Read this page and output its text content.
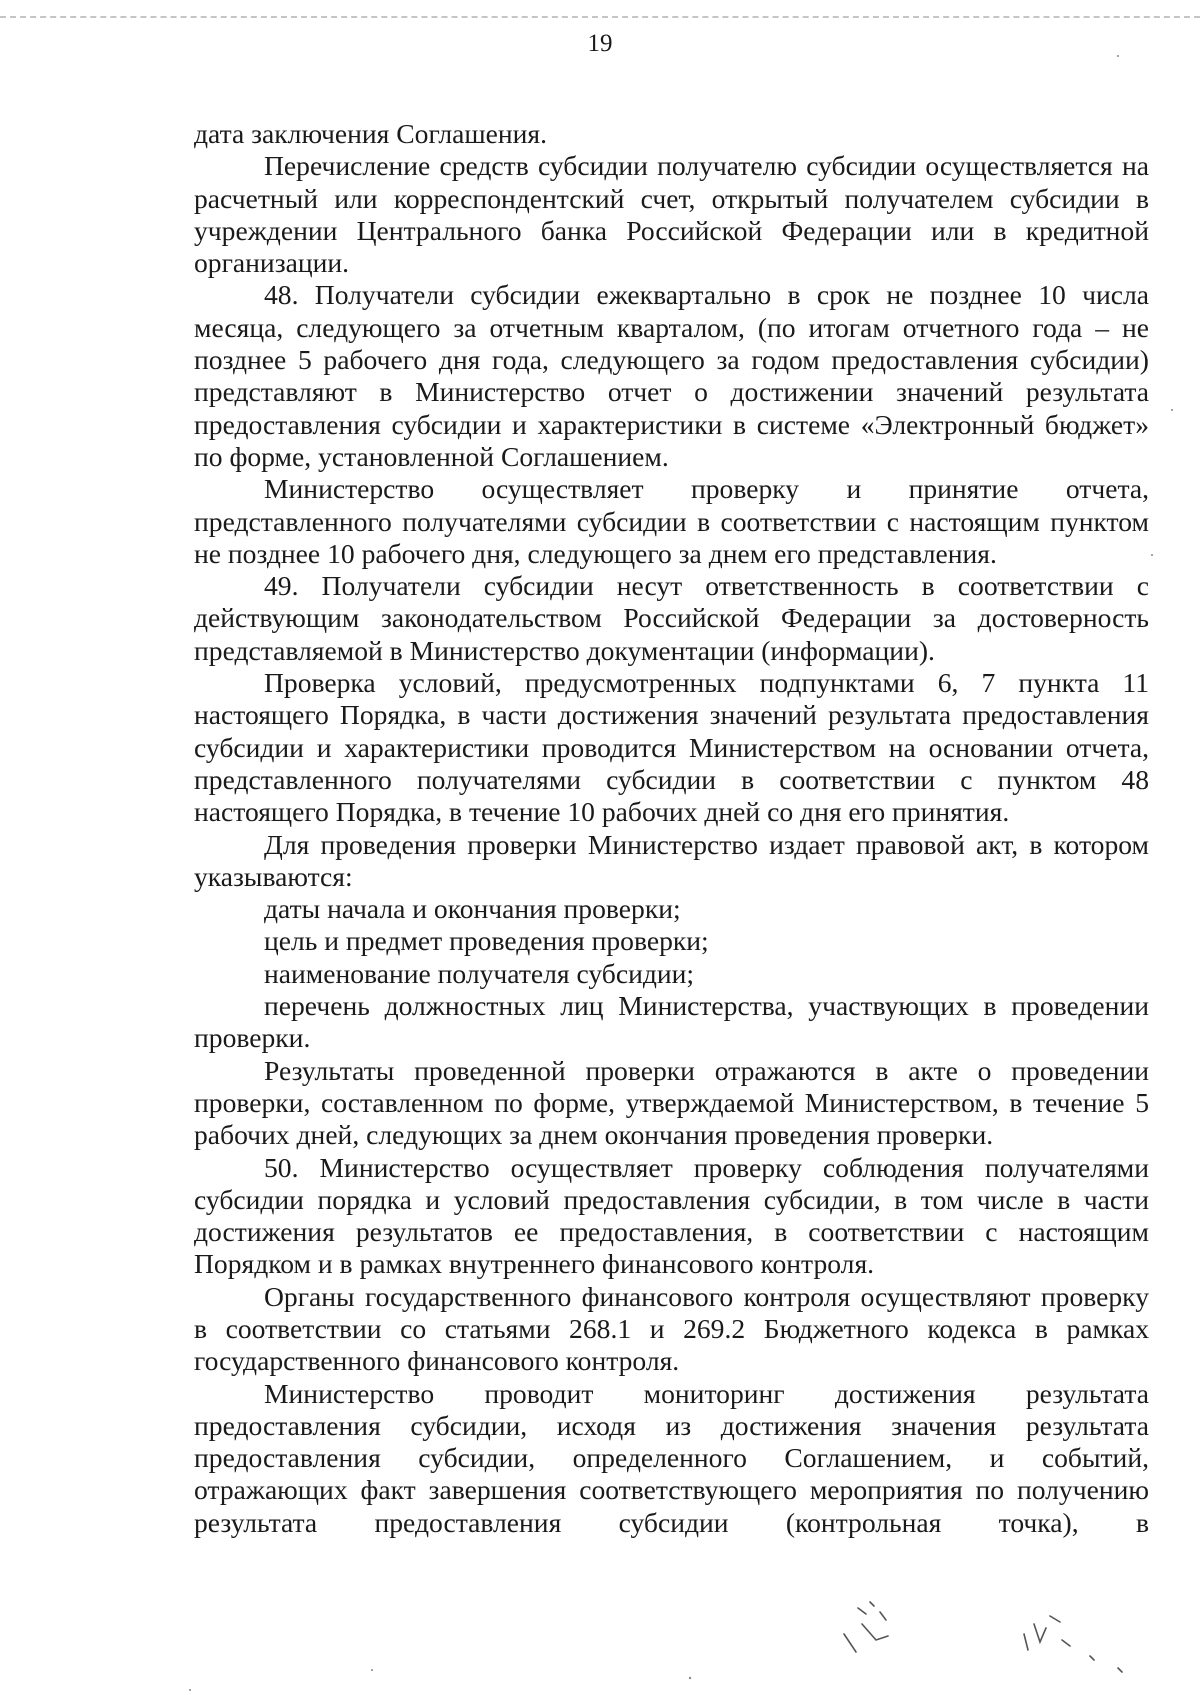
19

дата заключения Соглашения.

Перечисление средств субсидии получателю субсидии осуществляется на расчетный или корреспондентский счет, открытый получателем субсидии в учреждении Центрального банка Российской Федерации или в кредитной организации.

48. Получатели субсидии ежеквартально в срок не позднее 10 числа месяца, следующего за отчетным кварталом, (по итогам отчетного года – не позднее 5 рабочего дня года, следующего за годом предоставления субсидии) представляют в Министерство отчет о достижении значений результата предоставления субсидии и характеристики в системе «Электронный бюджет» по форме, установленной Соглашением.

Министерство осуществляет проверку и принятие отчета, представленного получателями субсидии в соответствии с настоящим пунктом не позднее 10 рабочего дня, следующего за днем его представления.

49. Получатели субсидии несут ответственность в соответствии с действующим законодательством Российской Федерации за достоверность представляемой в Министерство документации (информации).

Проверка условий, предусмотренных подпунктами 6, 7 пункта 11 настоящего Порядка, в части достижения значений результата предоставления субсидии и характеристики проводится Министерством на основании отчета, представленного получателями субсидии в соответствии с пунктом 48 настоящего Порядка, в течение 10 рабочих дней со дня его принятия.

Для проведения проверки Министерство издает правовой акт, в котором указываются:

даты начала и окончания проверки;

цель и предмет проведения проверки;

наименование получателя субсидии;

перечень должностных лиц Министерства, участвующих в проведении проверки.

Результаты проведенной проверки отражаются в акте о проведении проверки, составленном по форме, утверждаемой Министерством, в течение 5 рабочих дней, следующих за днем окончания проведения проверки.

50. Министерство осуществляет проверку соблюдения получателями субсидии порядка и условий предоставления субсидии, в том числе в части достижения результатов ее предоставления, в соответствии с настоящим Порядком и в рамках внутреннего финансового контроля.

Органы государственного финансового контроля осуществляют проверку в соответствии со статьями 268.1 и 269.2 Бюджетного кодекса в рамках государственного финансового контроля.

Министерство проводит мониторинг достижения результата предоставления субсидии, исходя из достижения значения результата предоставления субсидии, определенного Соглашением, и событий, отражающих факт завершения соответствующего мероприятия по получению результата предоставления субсидии (контрольная точка), в
